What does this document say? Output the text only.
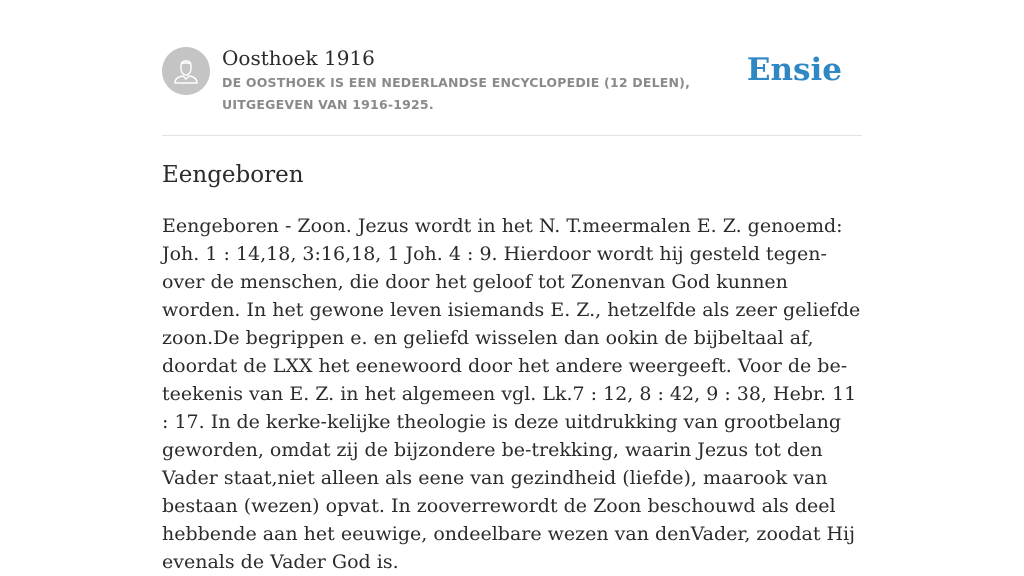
Oosthoek 1916
DE OOSTHOEK IS EEN NEDERLANDSE ENCYCLOPEDIE (12 DELEN), UITGEGEVEN VAN 1916-1925.
Ensie
Eengeboren

Eengeboren - Zoon. Jezus wordt in het N. T.meermalen E. Z. genoemd: Joh. 1 : 14,18, 3:16,18, 1 Joh. 4 : 9. Hierdoor wordt hij gesteld tegen-over de menschen, die door het geloof tot Zonenvan God kunnen worden. In het gewone leven isiemands E. Z., hetzelfde als zeer geliefde zoon.De begrippen e. en geliefd wisselen dan ookin de bijbeltaal af, doordat de LXX het eenewoord door het andere weergeeft. Voor de be-teekenis van E. Z. in het algemeen vgl. Lk.7 : 12, 8 : 42, 9 : 38, Hebr. 11 : 17. In de kerke-kelijke theologie is deze uitdrukking van grootbelang geworden, omdat zij de bijzondere be-trekking, waarin Jezus tot den Vader staat,niet alleen als eene van gezindheid (liefde), maarook van bestaan (wezen) opvat. In zooverrewordt de Zoon beschouwd als deel hebbende aan het eeuwige, ondeelbare wezen van denVader, zoodat Hij evenals de Vader God is.
